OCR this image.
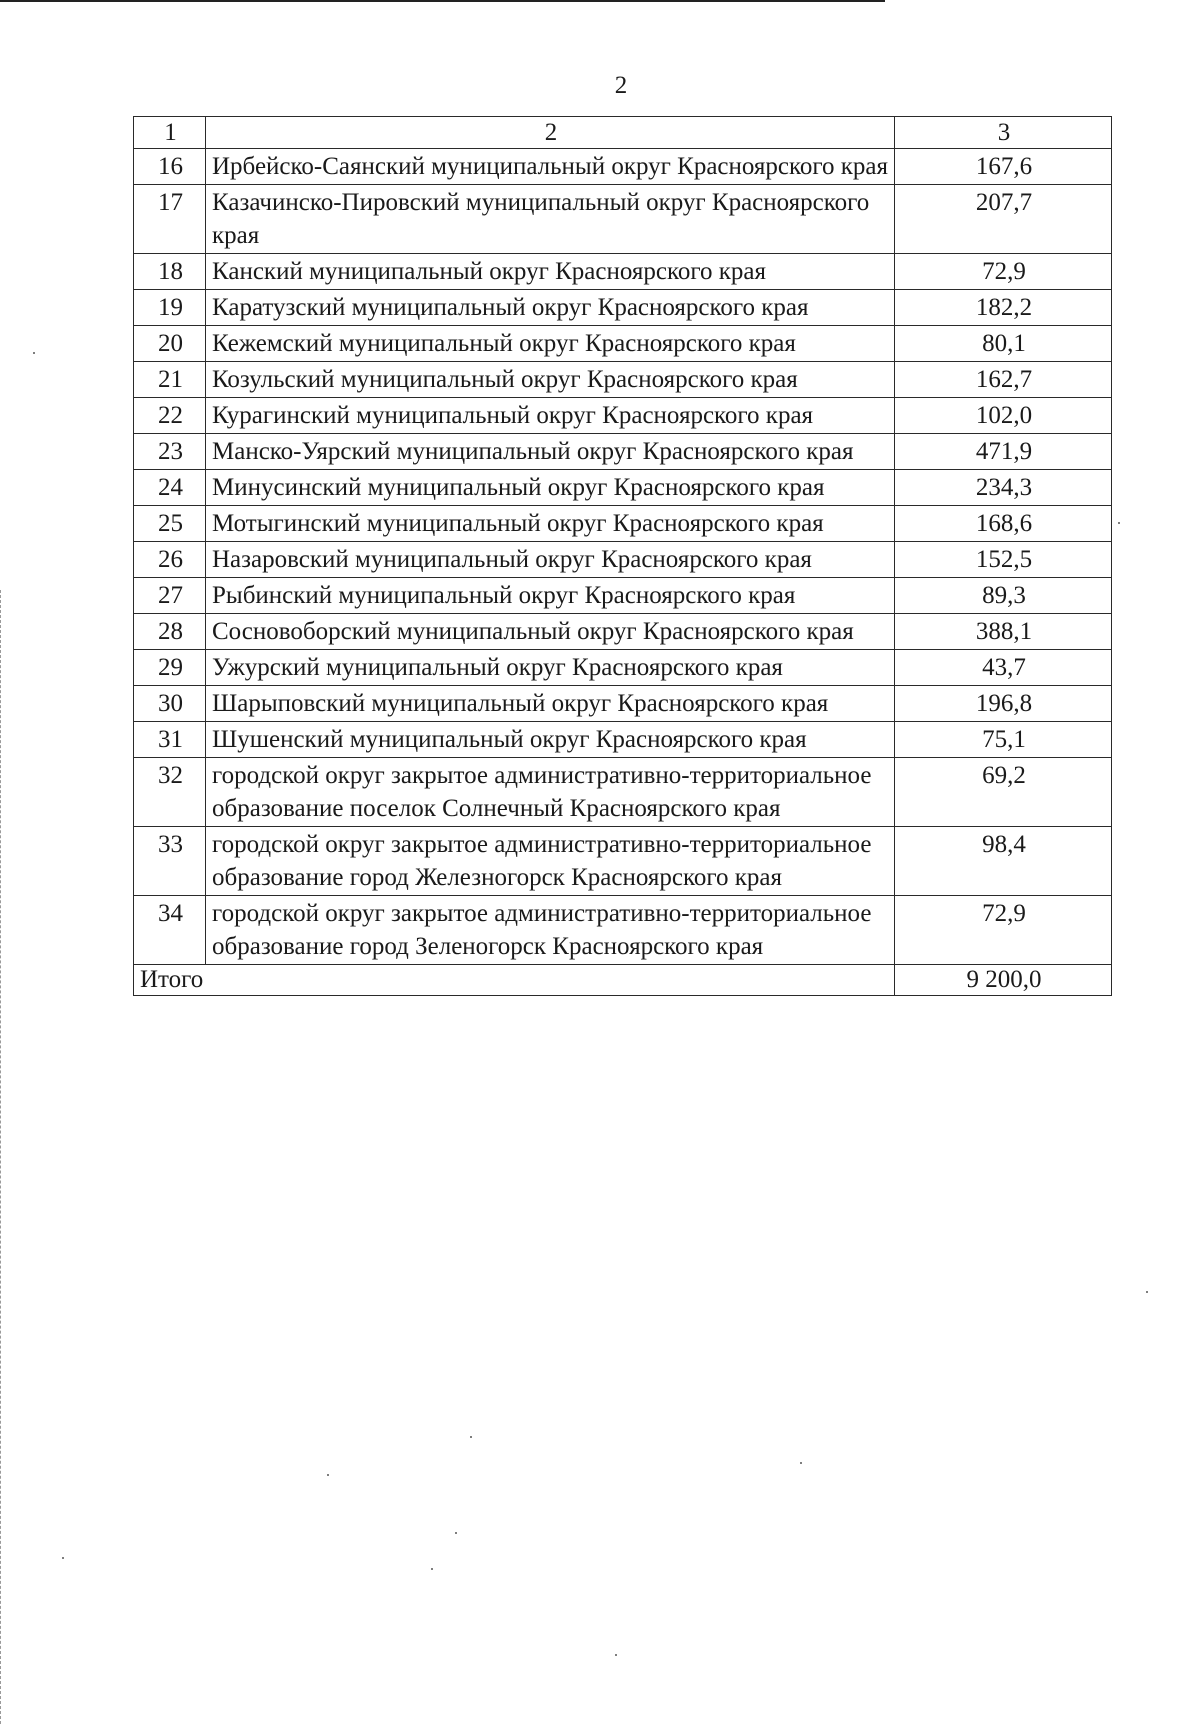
2
1	2	3
16	Ирбейско-Саянский муниципальный округ Красноярского края	167,6
17	Казачинско-Пировский муниципальный округ Красноярского края	207,7
18	Канский муниципальный округ Красноярского края	72,9
19	Каратузский муниципальный округ Красноярского края	182,2
20	Кежемский муниципальный округ Красноярского края	80,1
21	Козульский муниципальный округ Красноярского края	162,7
22	Курагинский муниципальный округ Красноярского края	102,0
23	Манско-Уярский муниципальный округ Красноярского края	471,9
24	Минусинский муниципальный округ Красноярского края	234,3
25	Мотыгинский муниципальный округ Красноярского края	168,6
26	Назаровский муниципальный округ Красноярского края	152,5
27	Рыбинский муниципальный округ Красноярского края	89,3
28	Сосновоборский муниципальный округ Красноярского края	388,1
29	Ужурский муниципальный округ Красноярского края	43,7
30	Шарыповский муниципальный округ Красноярского края	196,8
31	Шушенский муниципальный округ Красноярского края	75,1
32	городской округ закрытое административно-территориальное образование поселок Солнечный Красноярского края	69,2
33	городской округ закрытое административно-территориальное образование город Железногорск Красноярского края	98,4
34	городской округ закрытое административно-территориальное образование город Зеленогорск Красноярского края	72,9
Итого		9 200,0
